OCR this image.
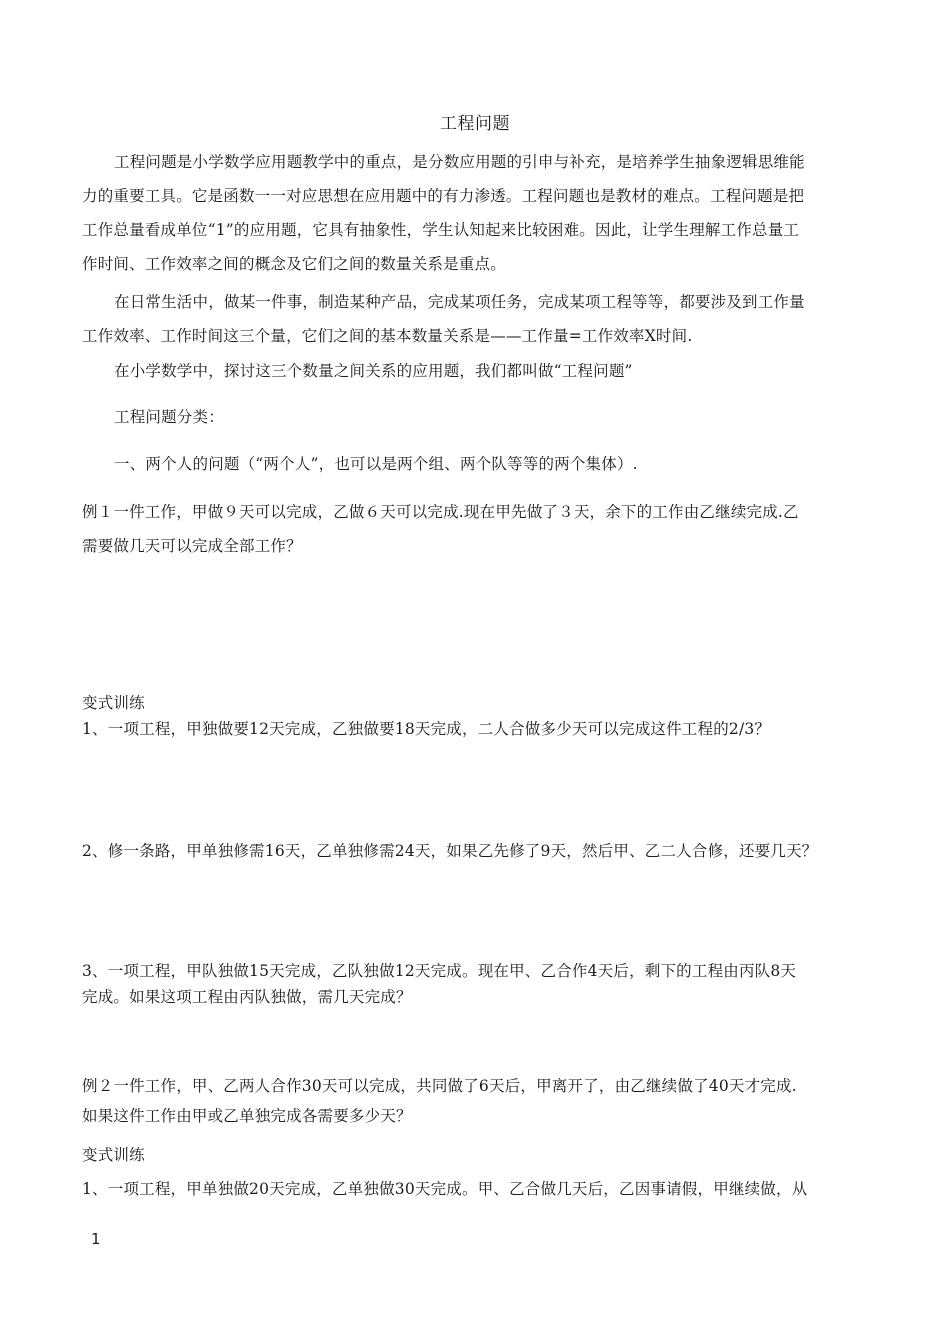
工程问题
工程问题是小学数学应用题教学中的重点，是分数应用题的引申与补充，是培养学生抽象逻辑思维能
力的重要工具。它是函数一一对应思想在应用题中的有力渗透。工程问题也是教材的难点。工程问题是把
工作总量看成单位“1”的应用题，它具有抽象性，学生认知起来比较困难。因此，让学生理解工作总量工
作时间、工作效率之间的概念及它们之间的数量关系是重点。
在日常生活中，做某一件事，制造某种产品，完成某项任务，完成某项工程等等，都要涉及到工作量
工作效率、工作时间这三个量，它们之间的基本数量关系是——工作量=工作效率Χ时间.
在小学数学中，探讨这三个数量之间关系的应用题，我们都叫做“工程问题”
工程问题分类：
一、两个人的问题（“两个人”，也可以是两个组、两个队等等的两个集体）.
例１一件工作，甲做９天可以完成，乙做６天可以完成.现在甲先做了３天，余下的工作由乙继续完成.乙
需要做几天可以完成全部工作？
变式训练
1、一项工程，甲独做要12天完成，乙独做要18天完成，二人合做多少天可以完成这件工程的2/3？
2、修一条路，甲单独修需16天，乙单独修需24天，如果乙先修了9天，然后甲、乙二人合修，还要几天？
3、一项工程，甲队独做15天完成，乙队独做12天完成。现在甲、乙合作4天后，剩下的工程由丙队8天
完成。如果这项工程由丙队独做，需几天完成？
例２一件工作，甲、乙两人合作30天可以完成，共同做了6天后，甲离开了，由乙继续做了40天才完成.
如果这件工作由甲或乙单独完成各需要多少天？
变式训练
1、一项工程，甲单独做20天完成，乙单独做30天完成。甲、乙合做几天后，乙因事请假，甲继续做，从
1
